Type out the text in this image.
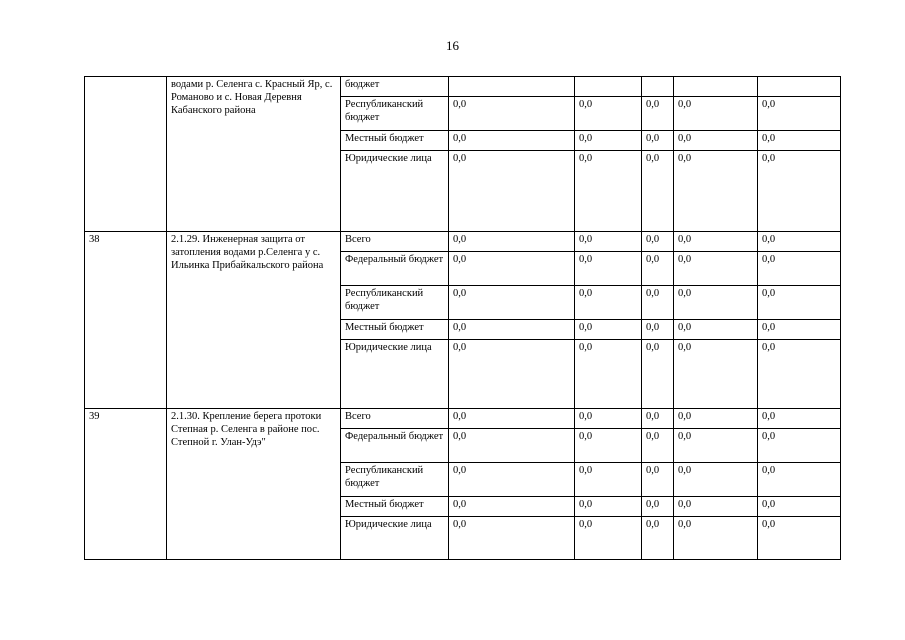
16
	водами р. Селенга с. Красный Яр, с. Романово и с. Новая Деревня Кабанского района	бюджет					
		Республиканский бюджет	0,0	0,0	0,0	0,0	0,0
		Местный бюджет	0,0	0,0	0,0	0,0	0,0
		Юридические лица	0,0	0,0	0,0	0,0	0,0
38	2.1.29. Инженерная защита от затопления водами р.Селенга у с. Ильинка Прибайкальского района	Всего	0,0	0,0	0,0	0,0	0,0
		Федеральный бюджет	0,0	0,0	0,0	0,0	0,0
		Республиканский бюджет	0,0	0,0	0,0	0,0	0,0
		Местный бюджет	0,0	0,0	0,0	0,0	0,0
		Юридические лица	0,0	0,0	0,0	0,0	0,0
39	2.1.30. Крепление берега протоки Степная р. Селенга в районе пос. Степной г. Улан-Удэ"	Всего	0,0	0,0	0,0	0,0	0,0
		Федеральный бюджет	0,0	0,0	0,0	0,0	0,0
		Республиканский бюджет	0,0	0,0	0,0	0,0	0,0
		Местный бюджет	0,0	0,0	0,0	0,0	0,0
		Юридические лица	0,0	0,0	0,0	0,0	0,0
